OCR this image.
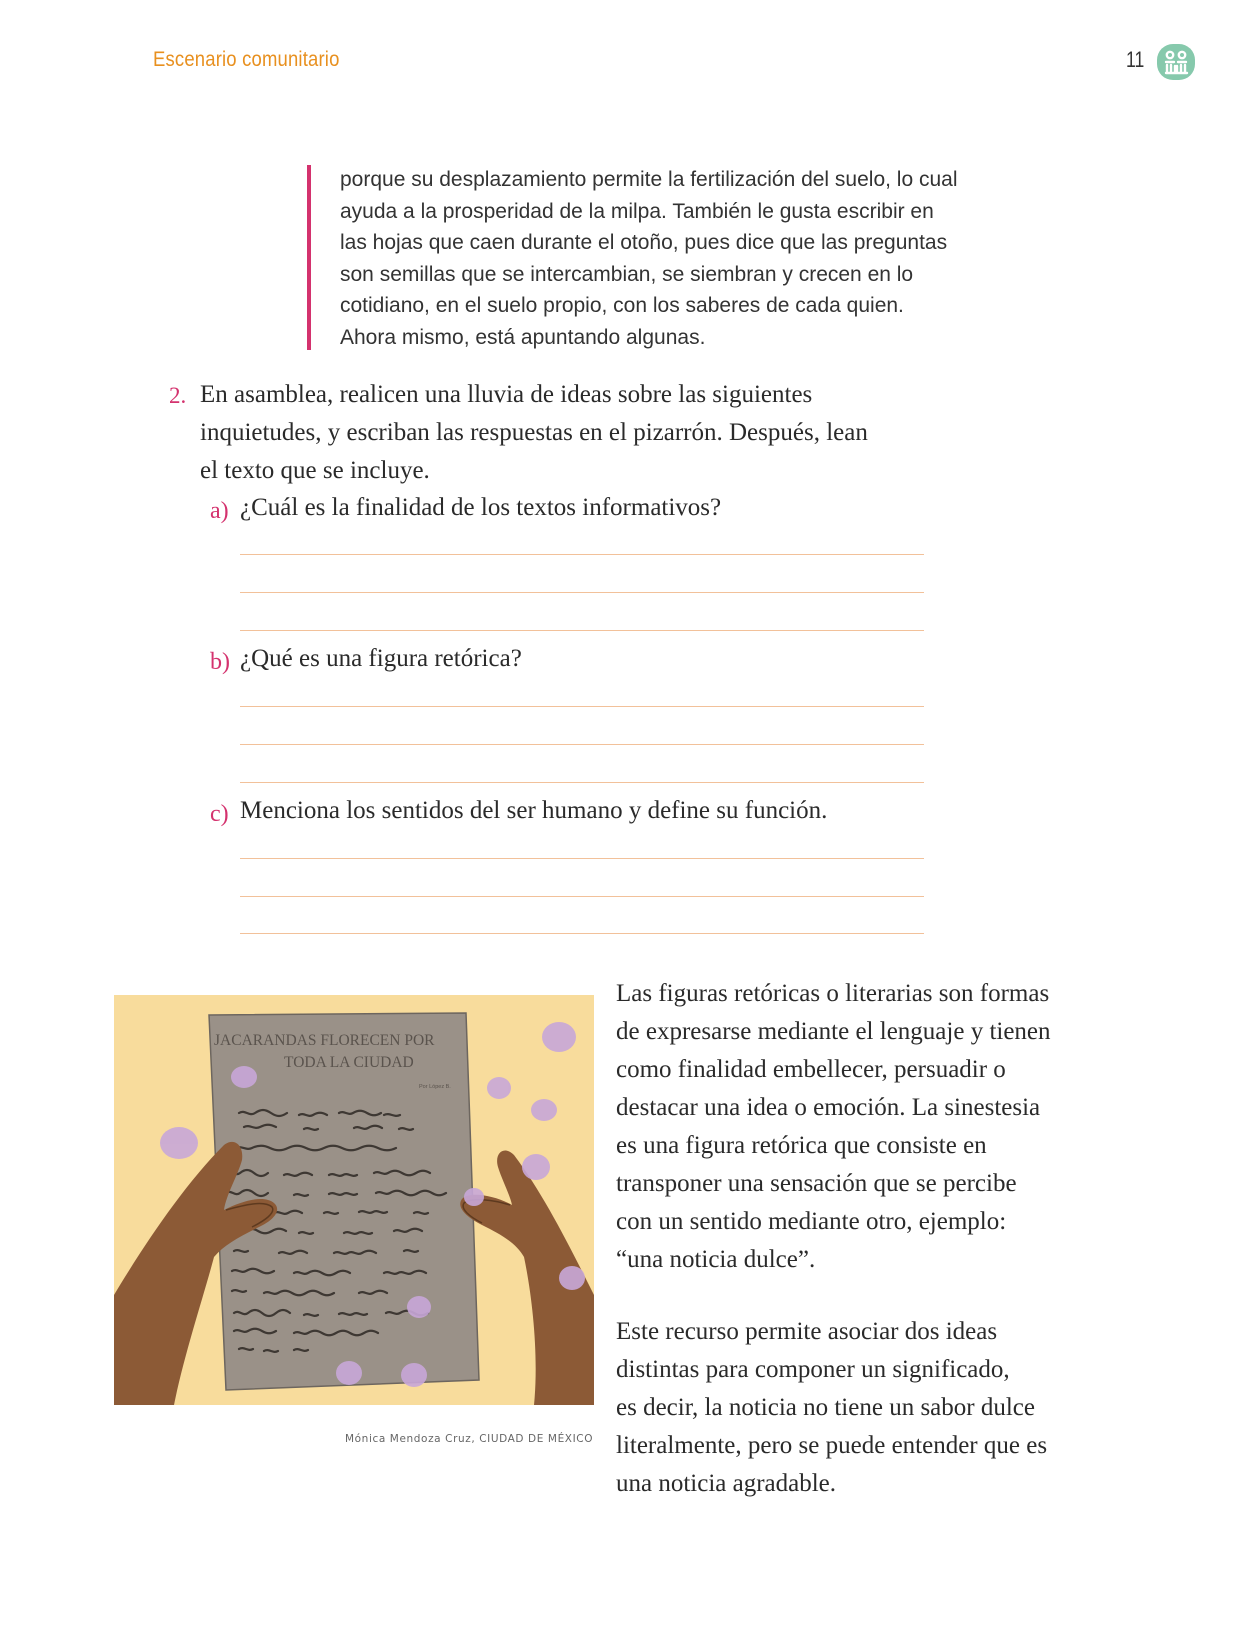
Escenario comunitario	11
porque su desplazamiento permite la fertilización del suelo, lo cual
ayuda a la prosperidad de la milpa. También le gusta escribir en
las hojas que caen durante el otoño, pues dice que las preguntas
son semillas que se intercambian, se siembran y crecen en lo
cotidiano, en el suelo propio, con los saberes de cada quien.
Ahora mismo, está apuntando algunas.
2. En asamblea, realicen una lluvia de ideas sobre las siguientes
inquietudes, y escriban las respuestas en el pizarrón. Después, lean
el texto que se incluye.
a) ¿Cuál es la finalidad de los textos informativos?
b) ¿Qué es una figura retórica?
c) Menciona los sentidos del ser humano y define su función.
JACARANDAS FLORECEN POR
TODA LA CIUDAD
Por López B.
Mónica Mendoza Cruz, CIUDAD DE MÉXICO
Las figuras retóricas o literarias son formas
de expresarse mediante el lenguaje y tienen
como finalidad embellecer, persuadir o
destacar una idea o emoción. La sinestesia
es una figura retórica que consiste en
transponer una sensación que se percibe
con un sentido mediante otro, ejemplo:
“una noticia dulce”.
Este recurso permite asociar dos ideas
distintas para componer un significado,
es decir, la noticia no tiene un sabor dulce
literalmente, pero se puede entender que es
una noticia agradable.
